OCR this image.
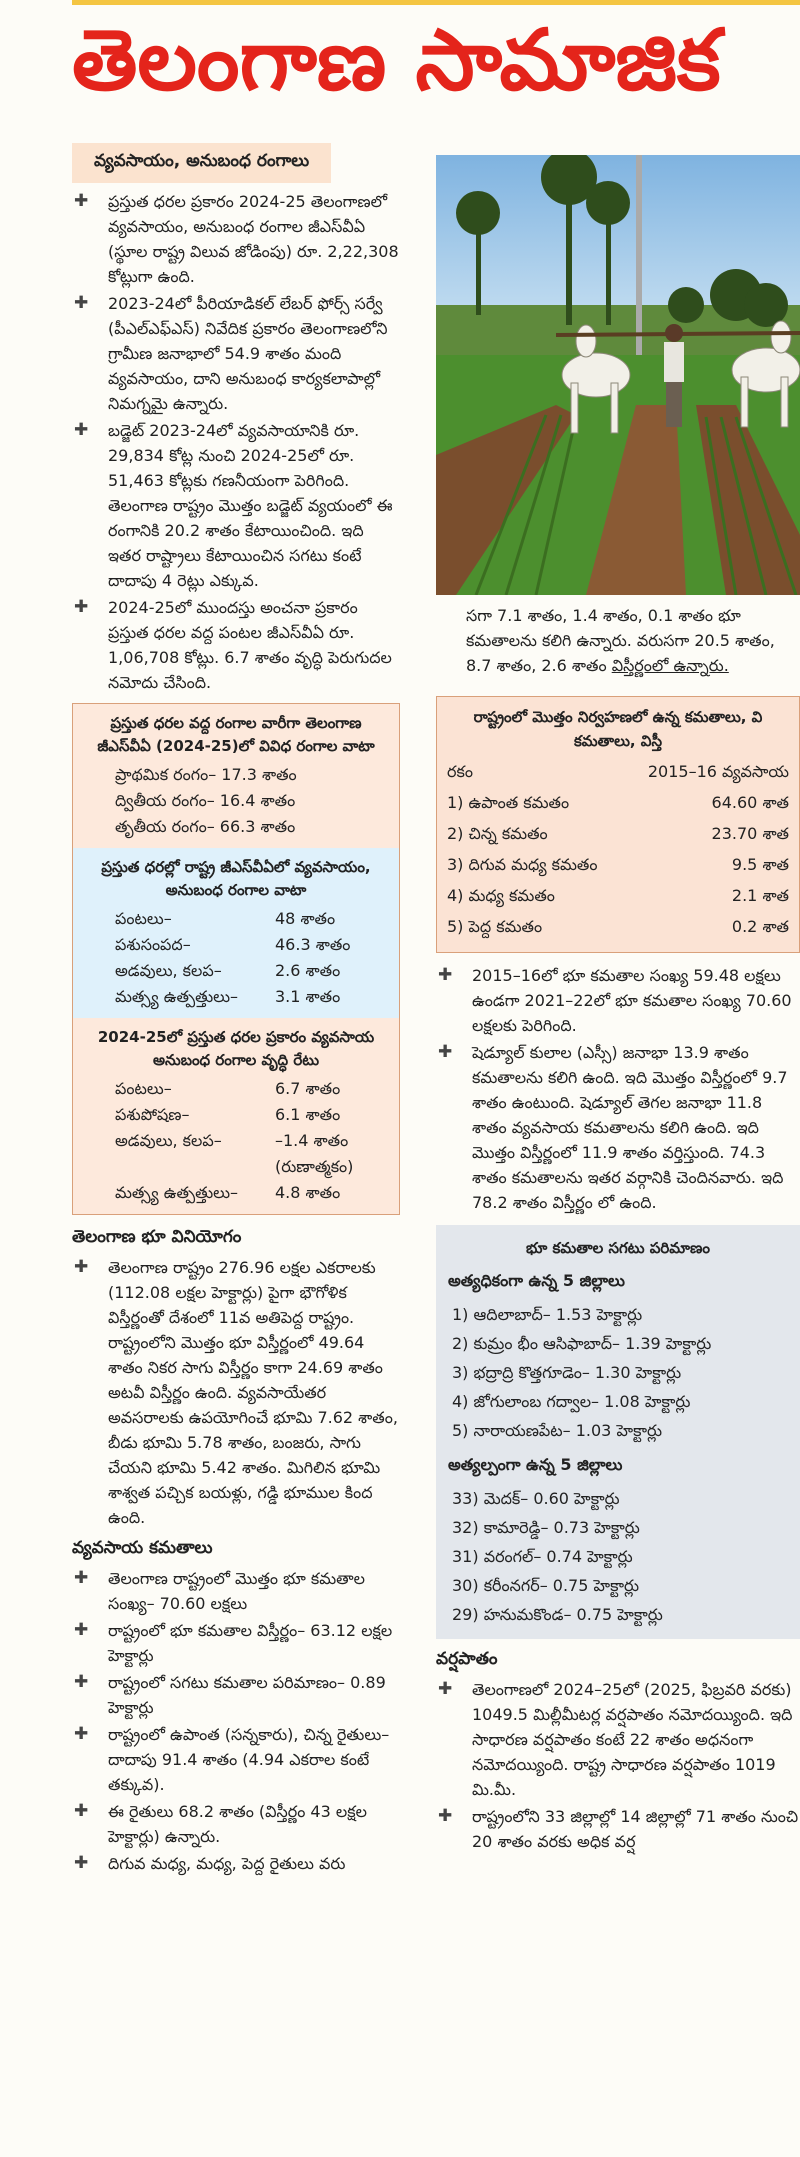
తెలంగాణ సామాజిక
వ్యవసాయం, అనుబంధ రంగాలు
✚ ప్రస్తుత ధరల ప్రకారం 2024-25 తెలంగాణలో వ్యవసాయం, అనుబంధ రంగాల జీఎస్‌వీఏ (స్థూల రాష్ట్ర విలువ జోడింపు) రూ. 2,22,308 కోట్లుగా ఉంది.
✚ 2023-24లో పీరియాడికల్ లేబర్ ఫోర్స్ సర్వే (పీఎల్ఎఫ్ఎస్) నివేదిక ప్రకారం తెలంగాణలోని గ్రామీణ జనాభాలో 54.9 శాతం మంది వ్యవసాయం, దాని అనుబంధ కార్యకలాపాల్లో నిమగ్నమై ఉన్నారు.
✚ బడ్జెట్ 2023-24లో వ్యవసాయానికి రూ. 29,834 కోట్ల నుంచి 2024-25లో రూ. 51,463 కోట్లకు గణనీయంగా పెరిగింది. తెలంగాణ రాష్ట్రం మొత్తం బడ్జెట్ వ్యయంలో ఈ రంగానికి 20.2 శాతం కేటాయించింది. ఇది ఇతర రాష్ట్రాలు కేటాయించిన సగటు కంటే దాదాపు 4 రెట్లు ఎక్కువ.
✚ 2024-25లో ముందస్తు అంచనా ప్రకారం ప్రస్తుత ధరల వద్ద పంటల జీఎస్‌వీఏ రూ. 1,06,708 కోట్లు. 6.7 శాతం వృద్ధి పెరుగుదల నమోదు చేసింది.
ప్రస్తుత ధరల వద్ద రంగాల వారీగా తెలంగాణ జీఎస్‌వీఏ (2024-25)లో వివిధ రంగాల వాటా
ప్రాథమిక రంగం– 17.3 శాతం
ద్వితీయ రంగం– 16.4 శాతం
తృతీయ రంగం– 66.3 శాతం
ప్రస్తుత ధరల్లో రాష్ట్ర జీఎస్‌వీఏలో వ్యవసాయం, అనుబంధ రంగాల వాటా
పంటలు–	48 శాతం
పశుసంపద–	46.3 శాతం
అడవులు, కలప–	2.6 శాతం
మత్స్య ఉత్పత్తులు–	3.1 శాతం
2024-25లో ప్రస్తుత ధరల ప్రకారం వ్యవసాయ అనుబంధ రంగాల వృద్ధి రేటు
పంటలు–	6.7 శాతం
పశుపోషణ–	6.1 శాతం
అడవులు, కలప–	–1.4 శాతం (రుణాత్మకం)
మత్స్య ఉత్పత్తులు–	4.8 శాతం
తెలంగాణ భూ వినియోగం
✚ తెలంగాణ రాష్ట్రం 276.96 లక్షల ఎకరాలకు (112.08 లక్షల హెక్టార్లు) పైగా భౌగోళిక విస్తీర్ణంతో దేశంలో 11వ అతిపెద్ద రాష్ట్రం. రాష్ట్రంలోని మొత్తం భూ విస్తీర్ణంలో 49.64 శాతం నికర సాగు విస్తీర్ణం కాగా 24.69 శాతం అటవీ విస్తీర్ణం ఉంది. వ్యవసాయేతర అవసరాలకు ఉపయోగించే భూమి 7.62 శాతం, బీడు భూమి 5.78 శాతం, బంజరు, సాగు చేయని భూమి 5.42 శాతం. మిగిలిన భూమి శాశ్వత పచ్చిక బయళ్లు, గడ్డి భూముల కింద ఉంది.
వ్యవసాయ కమతాలు
✚ తెలంగాణ రాష్ట్రంలో మొత్తం భూ కమతాల సంఖ్య– 70.60 లక్షలు
✚ రాష్ట్రంలో భూ కమతాల విస్తీర్ణం– 63.12 లక్షల హెక్టార్లు
✚ రాష్ట్రంలో సగటు కమతాల పరిమాణం– 0.89 హెక్టార్లు
✚ రాష్ట్రంలో ఉపాంత (సన్నకారు), చిన్న రైతులు– దాదాపు 91.4 శాతం (4.94 ఎకరాల కంటే తక్కువ).
✚ ఈ రైతులు 68.2 శాతం (విస్తీర్ణం 43 లక్షల హెక్టార్లు) ఉన్నారు.
✚ దిగువ మధ్య, మధ్య, పెద్ద రైతులు వరు
సగా 7.1 శాతం, 1.4 శాతం, 0.1 శాతం భూ కమతాలను కలిగి ఉన్నారు. వరుసగా 20.5 శాతం, 8.7 శాతం, 2.6 శాతం విస్తీర్ణంలో ఉన్నారు.
రాష్ట్రంలో మొత్తం నిర్వహణలో ఉన్న కమతాలు, వి
కమతాలు, విస్తీ
రకం	2015–16 వ్యవసాయ
1) ఉపాంత కమతం	64.60 శాత
2) చిన్న కమతం	23.70 శాత
3) దిగువ మధ్య కమతం	9.5 శాత
4) మధ్య కమతం	2.1 శాత
5) పెద్ద కమతం	0.2 శాత
✚ 2015–16లో భూ కమతాల సంఖ్య 59.48 లక్షలు ఉండగా 2021–22లో భూ కమతాల సంఖ్య 70.60 లక్షలకు పెరిగింది.
✚ షెడ్యూల్ కులాల (ఎస్సీ) జనాభా 13.9 శాతం కమతాలను కలిగి ఉంది. ఇది మొత్తం విస్తీర్ణంలో 9.7 శాతం ఉంటుంది. షెడ్యూల్ తెగల జనాభా 11.8 శాతం వ్యవసాయ కమతాలను కలిగి ఉంది. ఇది మొత్తం విస్తీర్ణంలో 11.9 శాతం వర్తిస్తుంది. 74.3 శాతం కమతాలను ఇతర వర్గానికి చెందినవారు. ఇది 78.2 శాతం విస్తీర్ణం లో ఉంది.
భూ కమతాల సగటు పరిమాణం
అత్యధికంగా ఉన్న 5 జిల్లాలు
1) ఆదిలాబాద్– 1.53 హెక్టార్లు
2) కుమ్రం భీం ఆసిఫాబాద్– 1.39 హెక్టార్లు
3) భద్రాద్రి కొత్తగూడెం– 1.30 హెక్టార్లు
4) జోగులాంబ గద్వాల– 1.08 హెక్టార్లు
5) నారాయణపేట– 1.03 హెక్టార్లు
అత్యల్పంగా ఉన్న 5 జిల్లాలు
33) మెదక్– 0.60 హెక్టార్లు
32) కామారెడ్డి– 0.73 హెక్టార్లు
31) వరంగల్– 0.74 హెక్టార్లు
30) కరీంనగర్– 0.75 హెక్టార్లు
29) హనుమకొండ– 0.75 హెక్టార్లు
వర్షపాతం
✚ తెలంగాణలో 2024–25లో (2025, ఫిబ్రవరి వరకు) 1049.5 మిల్లీమీటర్ల వర్షపాతం నమోదయ్యింది. ఇది సాధారణ వర్షపాతం కంటే 22 శాతం అధనంగా నమోదయ్యింది. రాష్ట్ర సాధారణ వర్షపాతం 1019 మి.మీ.
✚ రాష్ట్రంలోని 33 జిల్లాల్లో 14 జిల్లాల్లో 71 శాతం నుంచి 20 శాతం వరకు అధిక వర్ష
